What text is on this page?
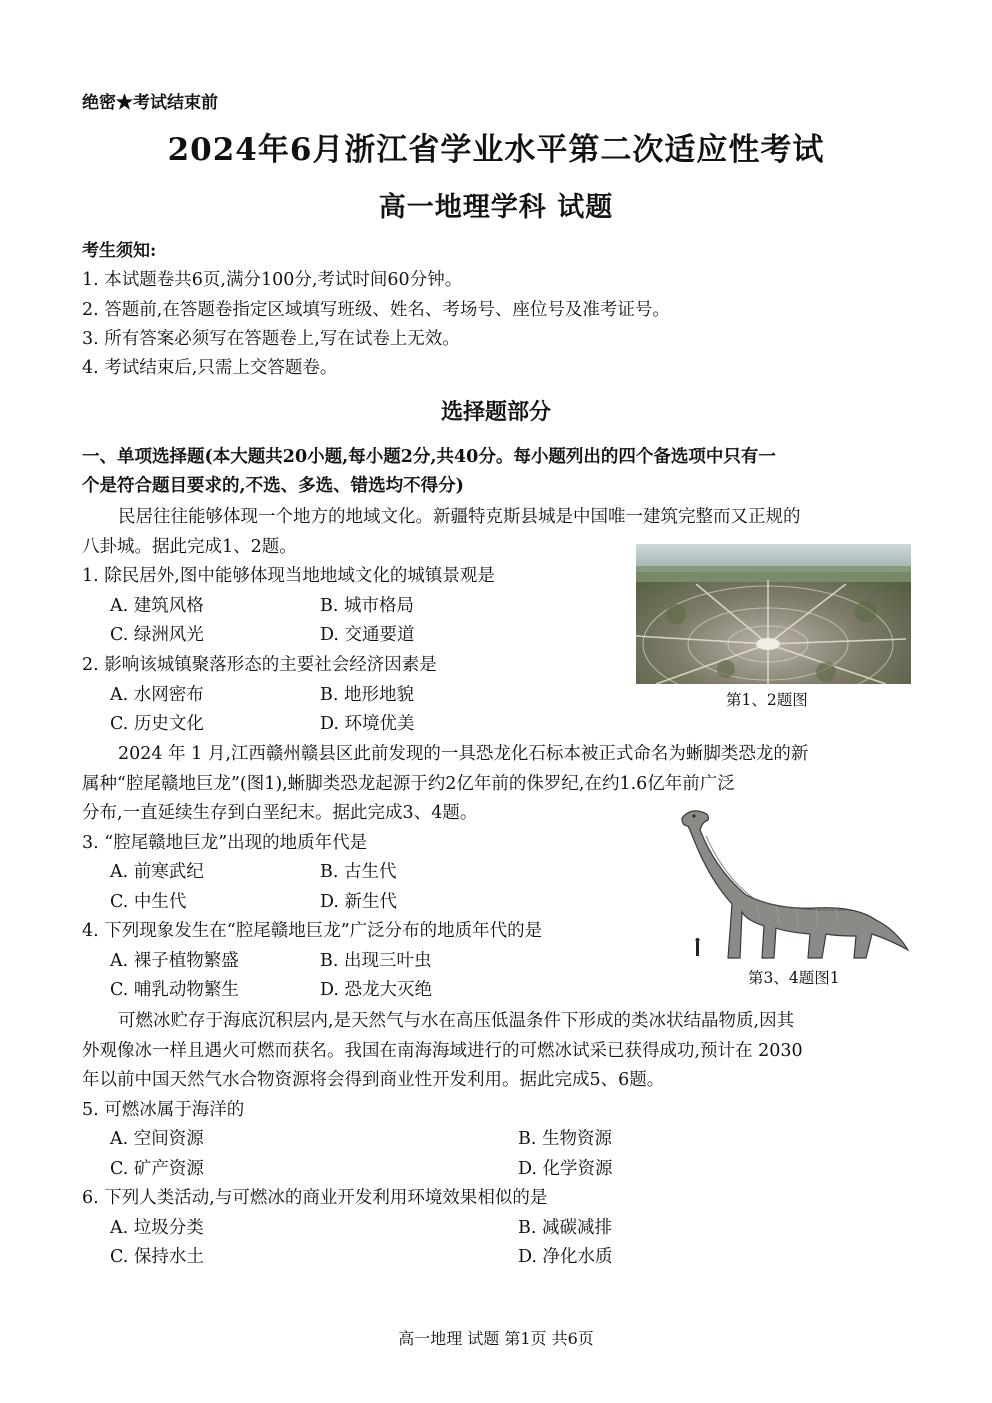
绝密★考试结束前
2024年6月浙江省学业水平第二次适应性考试
高一地理学科 试题
考生须知:
1. 本试题卷共6页,满分100分,考试时间60分钟。
2. 答题前,在答题卷指定区域填写班级、姓名、考场号、座位号及准考证号。
3. 所有答案必须写在答题卷上,写在试卷上无效。
4. 考试结束后,只需上交答题卷。
选择题部分
一、单项选择题(本大题共20小题,每小题2分,共40分。每小题列出的四个备选项中只有一
个是符合题目要求的,不选、多选、错选均不得分)
民居往往能够体现一个地方的地域文化。新疆特克斯县城是中国唯一建筑完整而又正规的
八卦城。据此完成1、2题。
1. 除民居外,图中能够体现当地地域文化的城镇景观是
A. 建筑风格	B. 城市格局
C. 绿洲风光	D. 交通要道
2. 影响该城镇聚落形态的主要社会经济因素是
A. 水网密布	B. 地形地貌
C. 历史文化	D. 环境优美
第1、2题图
2024 年 1 月,江西赣州赣县区此前发现的一具恐龙化石标本被正式命名为蜥脚类恐龙的新
属种“腔尾赣地巨龙”(图1),蜥脚类恐龙起源于约2亿年前的侏罗纪,在约1.6亿年前广泛
分布,一直延续生存到白垩纪末。据此完成3、4题。
3. “腔尾赣地巨龙”出现的地质年代是
A. 前寒武纪	B. 古生代
C. 中生代	D. 新生代
4. 下列现象发生在“腔尾赣地巨龙”广泛分布的地质年代的是
A. 裸子植物繁盛	B. 出现三叶虫
C. 哺乳动物繁生	D. 恐龙大灭绝
第3、4题图1
可燃冰贮存于海底沉积层内,是天然气与水在高压低温条件下形成的类冰状结晶物质,因其
外观像冰一样且遇火可燃而获名。我国在南海海域进行的可燃冰试采已获得成功,预计在 2030
年以前中国天然气水合物资源将会得到商业性开发利用。据此完成5、6题。
5. 可燃冰属于海洋的
A. 空间资源	B. 生物资源
C. 矿产资源	D. 化学资源
6. 下列人类活动,与可燃冰的商业开发利用环境效果相似的是
A. 垃圾分类	B. 减碳减排
C. 保持水土	D. 净化水质
高一地理 试题 第1页 共6页
